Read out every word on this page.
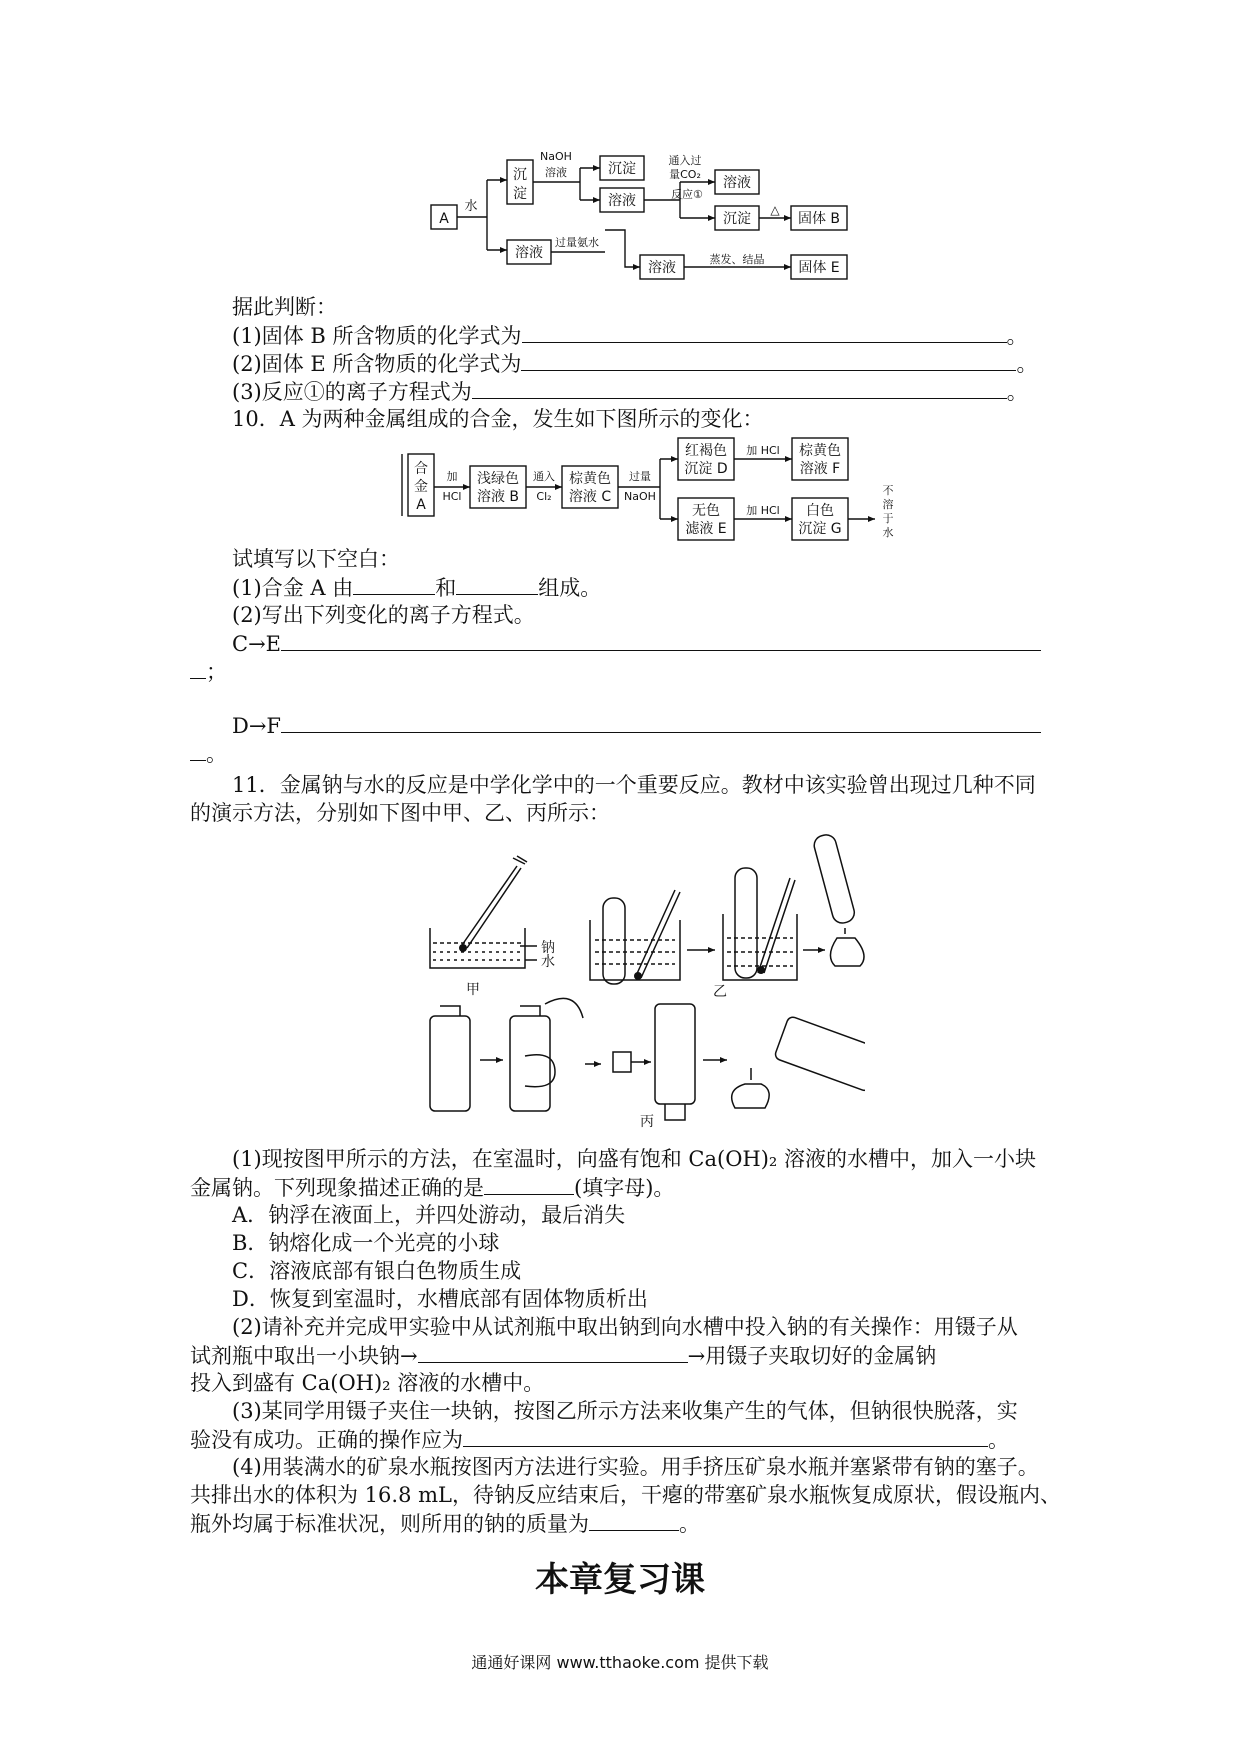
A
水
沉
淀
NaOH
溶液	沉淀
溶液
通入过
量CO₂
反应①
溶液
沉淀
△
固体 B
溶液
过量氨水
溶液
蒸发、结晶
固体 E
据此判断：
(1)固体 B 所含物质的化学式为	。
(2)固体 E 所含物质的化学式为	。
(3)反应①的离子方程式为	。
10．A 为两种金属组成的合金，发生如下图所示的变化：
合
金
A
加
HCl
浅绿色
溶液 B
通入
Cl₂
棕黄色
溶液 C
过量
NaOH
红褐色
沉淀 D
加 HCl 棕黄色
溶液 F
无色
滤液 E
加 HCl 白色
沉淀 G
不
溶
于
水
试填写以下空白：
(1)合金 A 由	和	组成。
(2)写出下列变化的离子方程式。
C→E
；
D→F
。
11．金属钠与水的反应是中学化学中的一个重要反应。教材中该实验曾出现过几种不同
的演示方法，分别如下图中甲、乙、丙所示：
钠
水
甲	乙
丙
(1)现按图甲所示的方法，在室温时，向盛有饱和 Ca(OH)₂ 溶液的水槽中，加入一小块
金属钠。下列现象描述正确的是	(填字母)。
A．钠浮在液面上，并四处游动，最后消失
B．钠熔化成一个光亮的小球
C．溶液底部有银白色物质生成
D．恢复到室温时，水槽底部有固体物质析出
(2)请补充并完成甲实验中从试剂瓶中取出钠到向水槽中投入钠的有关操作：用镊子从
试剂瓶中取出一小块钠→	→用镊子夹取切好的金属钠
投入到盛有 Ca(OH)₂ 溶液的水槽中。
(3)某同学用镊子夹住一块钠，按图乙所示方法来收集产生的气体，但钠很快脱落，实
验没有成功。正确的操作应为	。
(4)用装满水的矿泉水瓶按图丙方法进行实验。用手挤压矿泉水瓶并塞紧带有钠的塞子。
共排出水的体积为 16.8 mL，待钠反应结束后，干瘪的带塞矿泉水瓶恢复成原状，假设瓶内、
瓶外均属于标准状况，则所用的钠的质量为	。
本章复习课
通通好课网 www.tthaoke.com 提供下载
